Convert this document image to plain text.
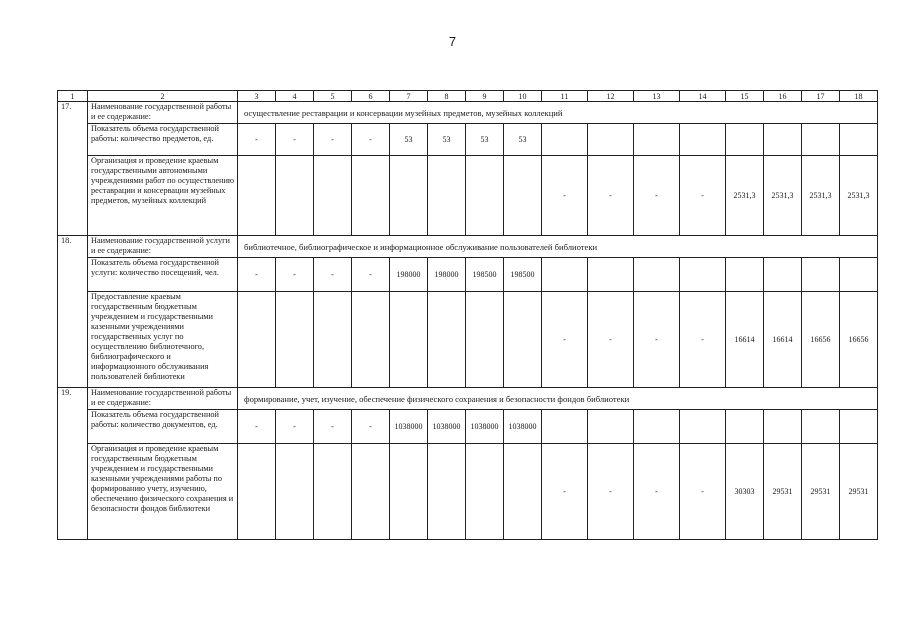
7
1	2	3	4	5	6	7	8	9	10	11	12	13	14	15	16	17	18
17.	Наименование государственной работы и ее содержание:	осуществление реставрации и консервации музейных предметов, музейных коллекций															
	Показатель объема государственной работы: количество предметов, ед.	-	-	-	-	53	53	53	53								
	Организация и проведение краевым государственными автономными учреждениями работ по осуществлению реставрации и консервации музейных предметов, музейных коллекций									-	-	-	-	2531,3	2531,3	2531,3	2531,3
18.	Наименование государственной услуги и ее содержание:	библиотечное, библиографическое и информационное обслуживание пользователей библиотеки															
	Показатель объема государственной услуги: количество посещений, чел.	-	-	-	-	198000	198000	198500	198500								
	Предоставление краевым государственным бюджетным учреждением и государственными казенными учреждениями государственных услуг по осуществлению библиотечного, библиографического и информационного обслуживания пользователей библиотеки									-	-	-	-	16614	16614	16656	16656
19.	Наименование государственной работы и ее содержание:	формирование, учет, изучение, обеспечение физического сохранения и безопасности фондов библиотеки															
	Показатель объема государственной работы: количество документов, ед.	-	-	-	-	1038000	1038000	1038000	1038000								
	Организация и проведение краевым государственным бюджетным учреждением и государственными казенными учреждениями работы по формированию учету, изучению, обеспечению физического сохранения и безопасности фондов библиотеки									-	-	-	-	30303	29531	29531	29531
